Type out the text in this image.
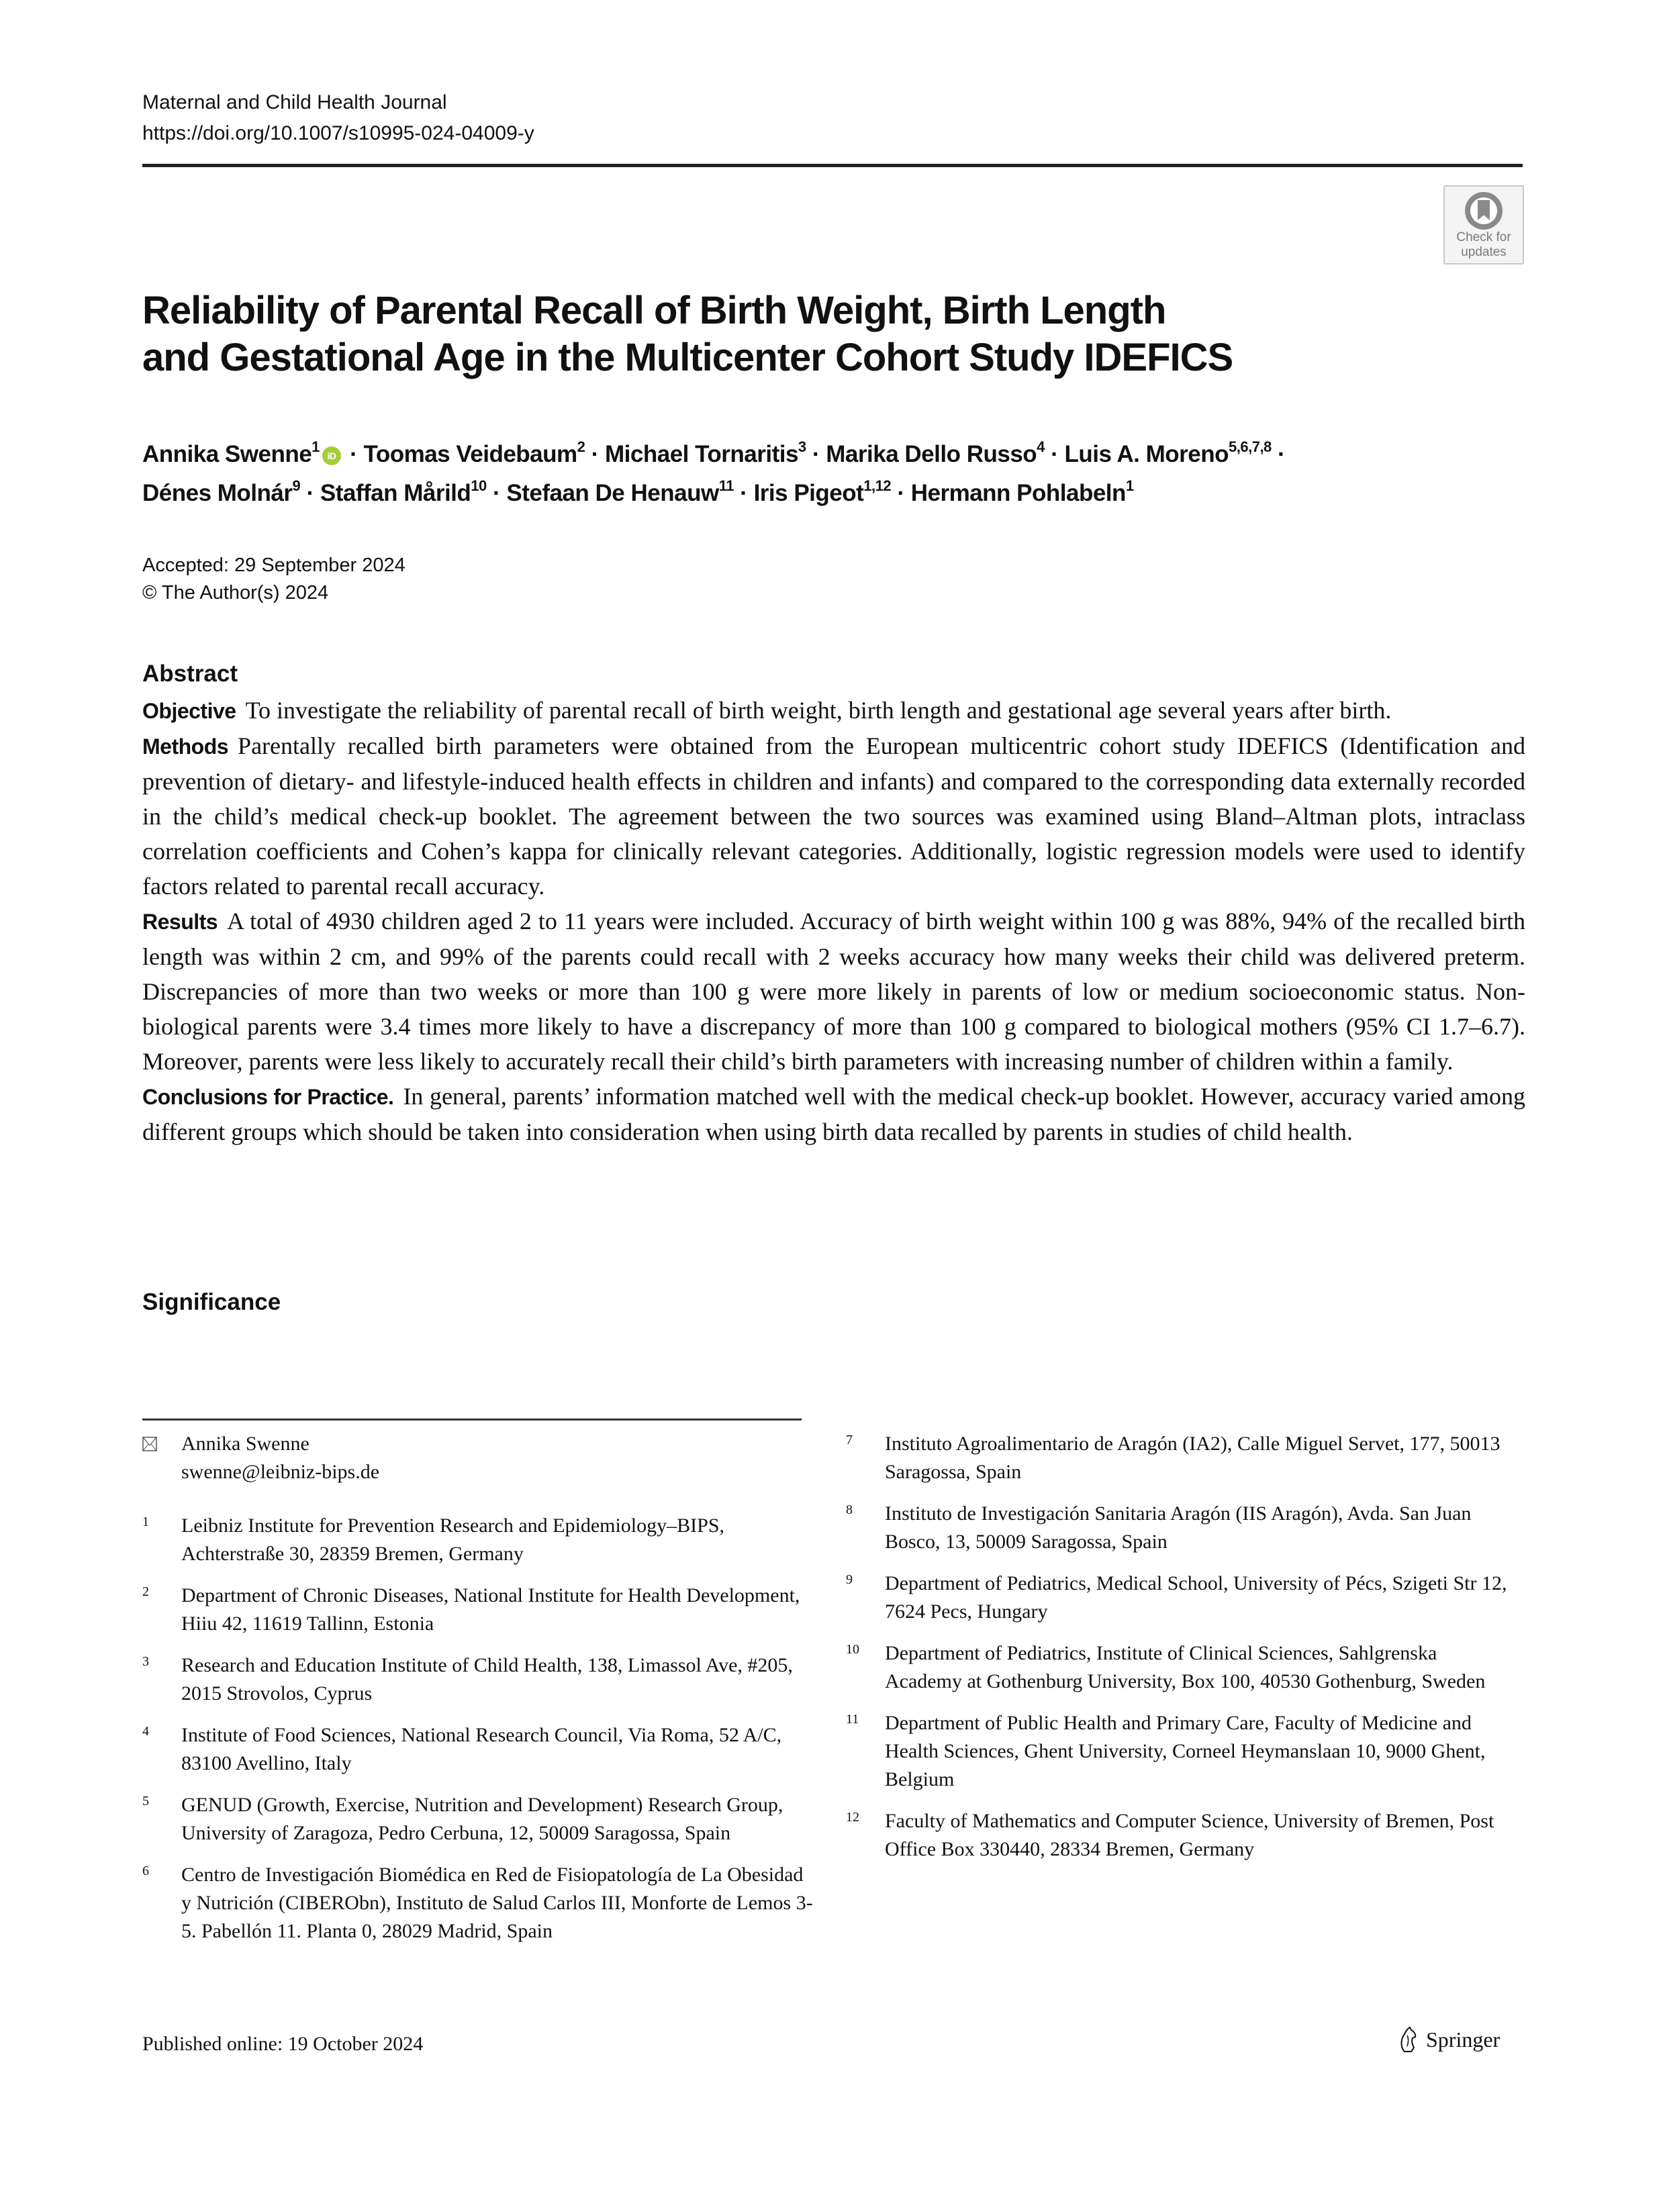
Maternal and Child Health Journal
https://doi.org/10.1007/s10995-024-04009-y
Check for
updates
Reliability of Parental Recall of Birth Weight, Birth Length
and Gestational Age in the Multicenter Cohort Study IDEFICS
Annika Swenne$^1$iD · Toomas Veidebaum$^2$ · Michael Tornaritis$^3$ · Marika Dello Russo$^4$ · Luis A. Moreno$^{5,6,7,8}$ ·
Dénes Molnár$^9$ · Staffan Mårild$^{10}$ · Stefaan De Henauw$^{11}$ · Iris Pigeot$^{1,12}$ · Hermann Pohlabeln$^1$
Accepted: 29 September 2024
© The Author(s) 2024
Abstract

Objective To investigate the reliability of parental recall of birth weight, birth length and gestational age several years after birth.

Methods Parentally recalled birth parameters were obtained from the European multicentric cohort study IDEFICS (Identification and prevention of dietary- and lifestyle-induced health effects in children and infants) and compared to the corresponding data externally recorded in the child’s medical check-up booklet. The agreement between the two sources was examined using Bland–Altman plots, intraclass correlation coefficients and Cohen’s kappa for clinically relevant categories. Additionally, logistic regression models were used to identify factors related to parental recall accuracy.

Results A total of 4930 children aged 2 to 11 years were included. Accuracy of birth weight within 100 g was 88%, 94% of the recalled birth length was within 2 cm, and 99% of the parents could recall with 2 weeks accuracy how many weeks their child was delivered preterm. Discrepancies of more than two weeks or more than 100 g were more likely in parents of low or medium socioeconomic status. Non-biological parents were 3.4 times more likely to have a discrepancy of more than 100 g compared to biological mothers (95% CI 1.7–6.7). Moreover, parents were less likely to accurately recall their child’s birth parameters with increasing number of children within a family.

Conclusions for Practice. In general, parents’ information matched well with the medical check-up booklet. However, accuracy varied among different groups which should be taken into consideration when using birth data recalled by parents in studies of child health.

Significance
Annika Swenne
swenne@leibniz-bips.de
1 Leibniz Institute for Prevention Research and Epidemiology–BIPS, Achterstraße 30, 28359 Bremen, Germany
2 Department of Chronic Diseases, National Institute for Health Development, Hiiu 42, 11619 Tallinn, Estonia
3 Research and Education Institute of Child Health, 138, Limassol Ave, #205, 2015 Strovolos, Cyprus
4 Institute of Food Sciences, National Research Council, Via Roma, 52 A/C, 83100 Avellino, Italy
5 GENUD (Growth, Exercise, Nutrition and Development) Research Group, University of Zaragoza, Pedro Cerbuna, 12, 50009 Saragossa, Spain
6 Centro de Investigación Biomédica en Red de Fisiopatología de La Obesidad y Nutrición (CIBERObn), Instituto de Salud Carlos III, Monforte de Lemos 3-5. Pabellón 11. Planta 0, 28029 Madrid, Spain
7 Instituto Agroalimentario de Aragón (IA2), Calle Miguel Servet, 177, 50013 Saragossa, Spain
8 Instituto de Investigación Sanitaria Aragón (IIS Aragón), Avda. San Juan Bosco, 13, 50009 Saragossa, Spain
9 Department of Pediatrics, Medical School, University of Pécs, Szigeti Str 12, 7624 Pecs, Hungary
10 Department of Pediatrics, Institute of Clinical Sciences, Sahlgrenska Academy at Gothenburg University, Box 100, 40530 Gothenburg, Sweden
11 Department of Public Health and Primary Care, Faculty of Medicine and Health Sciences, Ghent University, Corneel Heymanslaan 10, 9000 Ghent, Belgium
12 Faculty of Mathematics and Computer Science, University of Bremen, Post Office Box 330440, 28334 Bremen, Germany
Published online: 19 October 2024	Springer
